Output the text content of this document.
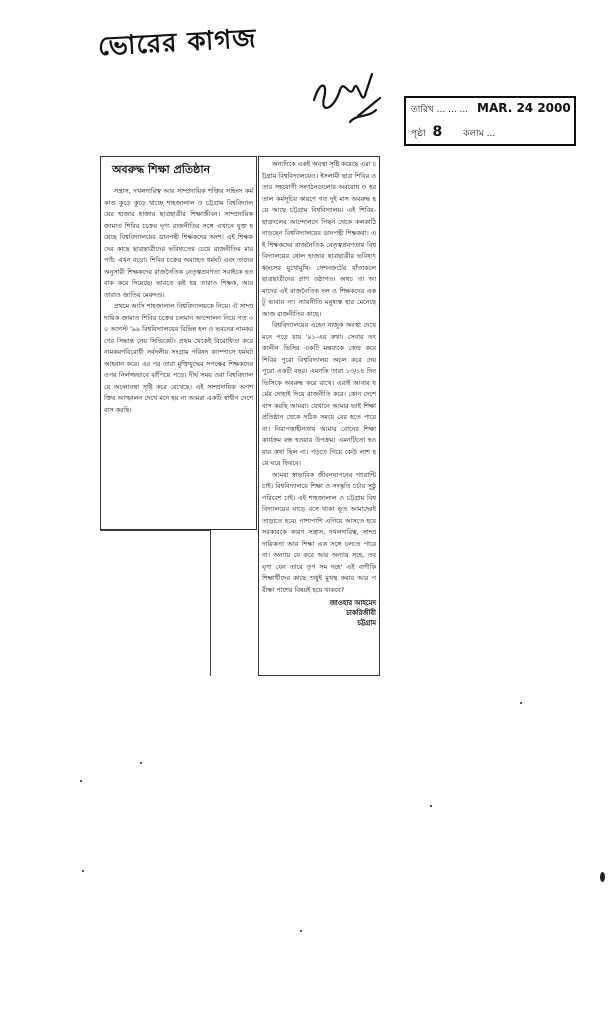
ভোরের কাগজ
তারিখ ... ... ... MAR. 24 2000
পৃষ্ঠা 8 কলাম ...
অবরুদ্ধ শিক্ষা প্রতিষ্ঠান

সন্ত্রাস, দখলদারিত্ব আর সাম্প্রদায়িক শক্তির সহিংস কর্মকাণ্ড কুড়ে কুড়ে খাচ্ছে শাহজালাল ও চট্টগ্রাম বিশ্ববিদ্যালয়ের হাজার হাজার ছাত্রছাত্রীর শিক্ষাজীবন। সাম্প্রদায়িক জামাত শিবির চক্রের ঘৃণ্য রাজনীতির সঙ্গে এখানে যুক্ত হয়েছে বিশ্ববিদ্যালয়ের ডানপন্থী শিক্ষকদের অংশ। এই শিক্ষকদের কাছে ছাত্রছাত্রীদের ভবিষ্যতের চেয়ে রাজনীতির মারপ্যাঁচ এখন বড়ো। শিবির চক্রের অব্যাহত ধর্মঘট এবং তাদের অনুসারী শিক্ষকদের রাজনৈতিক নেতৃত্বপ্রবণতা সবাইকে হতবাক করে দিয়েছে। ভাবতে কষ্ট হয় তারাও শিক্ষক, আর তারাও জাতির মেরুদণ্ড।

প্রথমে আসি শাহজালাল বিশ্ববিদ্যালয়কে নিয়ে। ঐ সাম্প্রদায়িক জামাত শিবির চক্রের চলমান আন্দোলন নিয়ে গত ৩০ আগস্ট '৯৯ বিশ্ববিদ্যালয়ের বিভিন্ন হল ও ভবনের নামকরণের সিদ্ধান্ত নেয় সিন্ডিকেট। প্রথম থেকেই বিরোধিতা করে নামকরণবিরোধী সর্বদলীয় সংগ্রাম পরিষদ ক্যাম্পাসে ধর্মঘট আহবান করে। এর পর তারা মুক্তিযুদ্ধের সপক্ষের শিক্ষকদের ওপর নির্লজ্জভাবে ঝাঁপিয়ে পড়ে। দীর্ঘ সময় ওরা বিশ্ববিদ্যালয়ে অচলাবস্থা সৃষ্টি করে রেখেছে। এই সাম্প্রদায়িক অপশক্তির আস্ফালন দেখে মনে হয় না আমরা একটি স্বাধীন দেশে বাস করছি।

অন্যদিকে একই অবস্থা সৃষ্টি করেছে এরা চট্টগ্রাম বিশ্ববিদ্যালয়েও। ইসলামী ছাত্র শিবির ও তার সহযোগী সংগঠনগুলোর অবরোধ ও হরতাল কর্মসূচির কারণে গত দুই মাস অবরুদ্ধ হয়ে আছে চট্টগ্রাম বিশ্ববিদ্যালয়। এই শিবির-ছাত্রদলের আন্দোলনে পিছন থেকে কলকাঠি নাড়ছেন বিশ্ববিদ্যালয়ের ডানপন্থী শিক্ষকরা। এই শিক্ষকদের রাজনৈতিক নেতৃত্বপ্রবণতায় বিশ্ববিদ্যালয়ের ষোল হাজার ছাত্রছাত্রীর ভবিষ্যৎ ধ্বংসের মুখোমুখি। সেশনজটের যাঁতাকলে ছাত্রছাত্রীদের প্রাণ ওষ্ঠাগত। অথচ তা আমাদের এই রাজনৈতিক দল ও শিক্ষকদের একটু ভাবায় না। ন্যায়নীতি মনুষ্যত্ব হার মেনেছে আজ রাজনীতির কাছে।

বিশ্ববিদ্যালয়ের এহেন নাজুক অবস্থা দেখে মনে পড়ে যায় '৯১-এর কথা। সেবার তৎকালীন ভিসির একটি মন্তব্যকে কেন্দ্র করে শিবির পুরো বিশ্ববিদ্যালয় অচল করে দেয় পুরো একটি বছর। এমনকি তারা ১৩/১৪ দিন ভিসিকে অবরুদ্ধ করে রাখে। এরাই আবার ধর্মের দোহাই দিয়ে রাজনীতি করে। কোন দেশে বাস করছি আমরা। যেখানে আমার ভাই শিক্ষা প্রতিষ্ঠান থেকে সঠিক সময়ে বের হতে পারে না। নিরাপত্তাহীনতায় আমার বোনের শিক্ষা কার্যক্রম বন্ধ হওয়ার উপক্রম। এমনটিতো হওয়ার কথা ছিল না। পড়তে গিয়ে কেউ লাশ হয়ে ঘরে ফিরবে।

আমরা স্বাভাবিক জীবনযাপনের গ্যারান্টি চাই। বিশ্ববিদ্যালয়ে শিক্ষা ও সংস্কৃতি চর্চার সুষ্ঠু পরিবেশ চাই। এই শাহজালাল ও চট্টগ্রাম বিশ্ববিদ্যালয়ের ঘাড়ে বসে থাকা ভূত আমাদেরই তাড়াতে হবে। পাশাপাশি এগিয়ে আসতে হবে সরকারকে কারণ সন্ত্রাস, দখলদারিত্ব, সাম্প্রদায়িকতা আর শিক্ষা এক সঙ্গে চলতে পারে না। অন্যায় যে করে আর অন্যায় সহে, তব ঘৃণা যেন তারে তৃণ সম দহে' এই বাণীকি শিক্ষার্থীদের কাছে শুধুই মুখস্থ করার আর পরীক্ষা পাশের বিষয়ই হয়ে থাকবে?

জাওহার আহমেদ
চাকরিজীবী
চট্টগ্রাম
